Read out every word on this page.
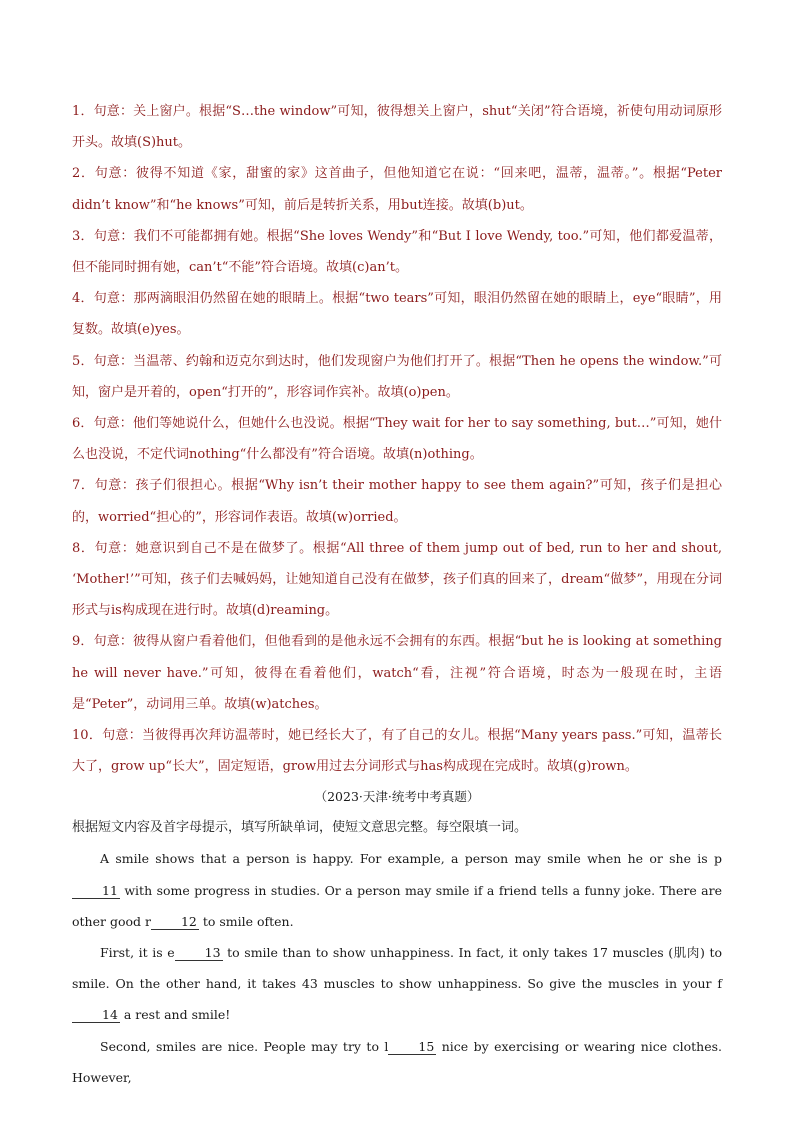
1．句意：关上窗户。根据“S…the window”可知，彼得想关上窗户，shut“关闭”符合语境，祈使句用动词原形开头。故填(S)hut。

2．句意：彼得不知道《家，甜蜜的家》这首曲子，但他知道它在说：“回来吧，温蒂，温蒂。”。根据“Peter didn’t know”和“he knows”可知，前后是转折关系，用but连接。故填(b)ut。

3．句意：我们不可能都拥有她。根据“She loves Wendy”和“But I love Wendy, too.”可知，他们都爱温蒂，但不能同时拥有她，can’t“不能”符合语境。故填(c)an’t。

4．句意：那两滴眼泪仍然留在她的眼睛上。根据“two tears”可知，眼泪仍然留在她的眼睛上，eye“眼睛”，用复数。故填(e)yes。

5．句意：当温蒂、约翰和迈克尔到达时，他们发现窗户为他们打开了。根据“Then he opens the window.”可知，窗户是开着的，open“打开的”，形容词作宾补。故填(o)pen。

6．句意：他们等她说什么，但她什么也没说。根据“They wait for her to say something, but…”可知，她什么也没说，不定代词nothing“什么都没有”符合语境。故填(n)othing。

7．句意：孩子们很担心。根据“Why isn’t their mother happy to see them again?”可知，孩子们是担心的，worried“担心的”，形容词作表语。故填(w)orried。

8．句意：她意识到自己不是在做梦了。根据“All three of them jump out of bed, run to her and shout, ‘Mother!’”可知，孩子们去喊妈妈，让她知道自己没有在做梦，孩子们真的回来了，dream“做梦”，用现在分词形式与is构成现在进行时。故填(d)reaming。

9．句意：彼得从窗户看着他们，但他看到的是他永远不会拥有的东西。根据“but he is looking at something he will never have.”可知，彼得在看着他们，watch“看，注视”符合语境，时态为一般现在时，主语是“Peter”，动词用三单。故填(w)atches。

10．句意：当彼得再次拜访温蒂时，她已经长大了，有了自己的女儿。根据“Many years pass.”可知，温蒂长大了，grow up“长大”，固定短语，grow用过去分词形式与has构成现在完成时。故填(g)rown。

（2023·天津·统考中考真题）

根据短文内容及首字母提示，填写所缺单词，使短文意思完整。每空限填一词。

A smile shows that a person is happy. For example, a person may smile when he or she is p11 with some progress in studies. Or a person may smile if a friend tells a funny joke. There are other good r 12 to smile often.

First, it is e 13 to smile than to show unhappiness. In fact, it only takes 17 muscles (肌肉) to smile. On the other hand, it takes 43 muscles to show unhappiness. So give the muscles in your f14 a rest and smile!

Second, smiles are nice. People may try to l 15 nice by exercising or wearing nice clothes. However,
